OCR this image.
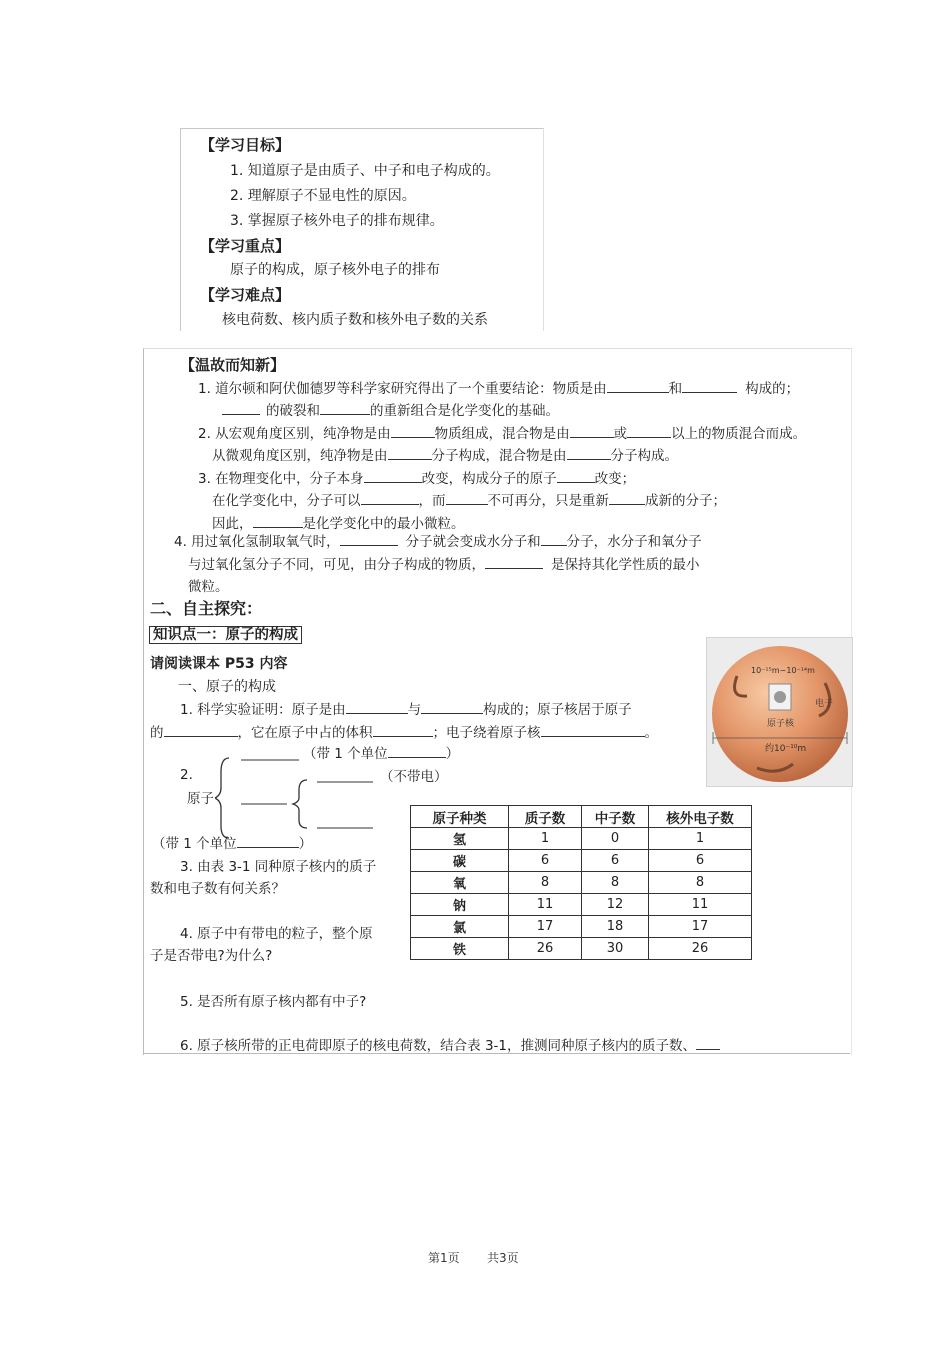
【学习目标】
1. 知道原子是由质子、中子和电子构成的。
2. 理解原子不显电性的原因。
3. 掌握原子核外电子的排布规律。
【学习重点】
原子的构成，原子核外电子的排布
【学习难点】
核电荷数、核内质子数和核外电子数的关系
【温故而知新】
1. 道尔顿和阿伏伽德罗等科学家研究得出了一个重要结论：物质是由	和	构成的；
的破裂和	的重新组合是化学变化的基础。
2. 从宏观角度区别，纯净物是由	物质组成，混合物是由	或	以上的物质混合而成。
从微观角度区别，纯净物是由	分子构成，混合物是由	分子构成。
3. 在物理变化中，分子本身	改变，构成分子的原子	改变；
在化学变化中，分子可以	，而	不可再分，只是重新	成新的分子；
因此，	是化学变化中的最小微粒。
4. 用过氧化氢制取氧气时，	分子就会变成水分子和 分子，水分子和氧分子
与过氧化氢分子不同，可见，由分子构成的物质，	是保持其化学性质的最小
微粒。
二、自主探究：
知识点一：原子的构成
请阅读课本 P53 内容
一、原子的构成
1. 科学实验证明：原子是由	与	构成的；原子核居于原子
的	，它在原子中占的体积	；电子绕着原子核	。
2.
原子
（带 1 个单位	）
（不带电）
（带 1 个单位	）
3. 由表 3-1 同种原子核内的质子
数和电子数有何关系？
4. 原子中有带电的粒子，整个原
子是否带电?为什么?
5. 是否所有原子核内都有中子?
6. 原子核所带的正电荷即原子的核电荷数，结合表 3-1，推测同种原子核内的质子数、
原子种类	质子数	中子数	核外电子数
氢	1	0	1
碳	6	6	6
氧	8	8	8
钠	11	12	11
氯	17	18	17
铁	26	30	26
10⁻¹⁵m~10⁻¹⁴m
电子
原子核
约10⁻¹⁰m
第1页 共3页
